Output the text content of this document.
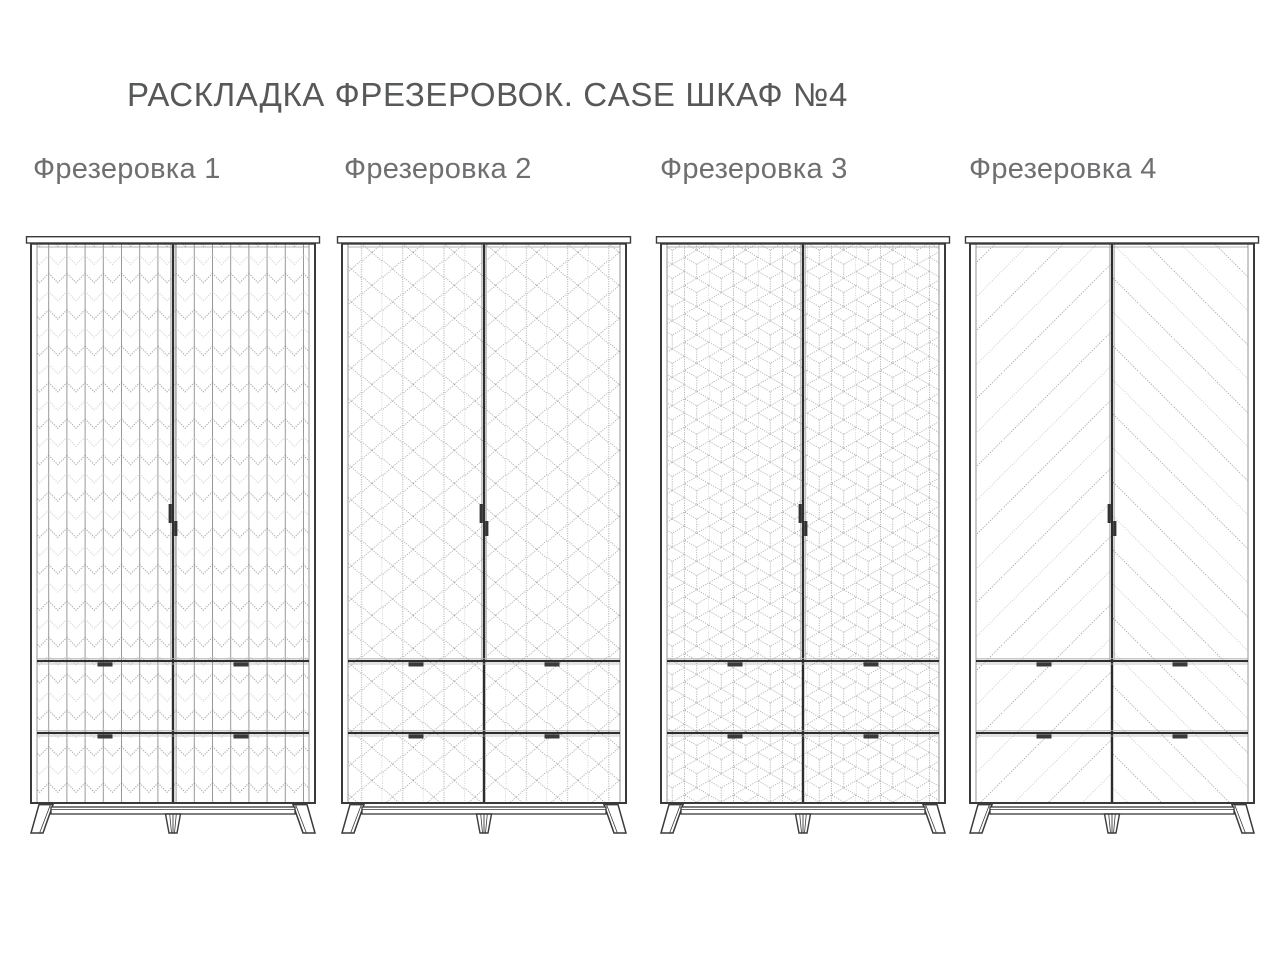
РАСКЛАДКА ФРЕЗЕРОВОК. CASE ШКАФ №4
Фрезеровка 1	Фрезеровка 2	Фрезеровка 3	Фрезеровка 4
